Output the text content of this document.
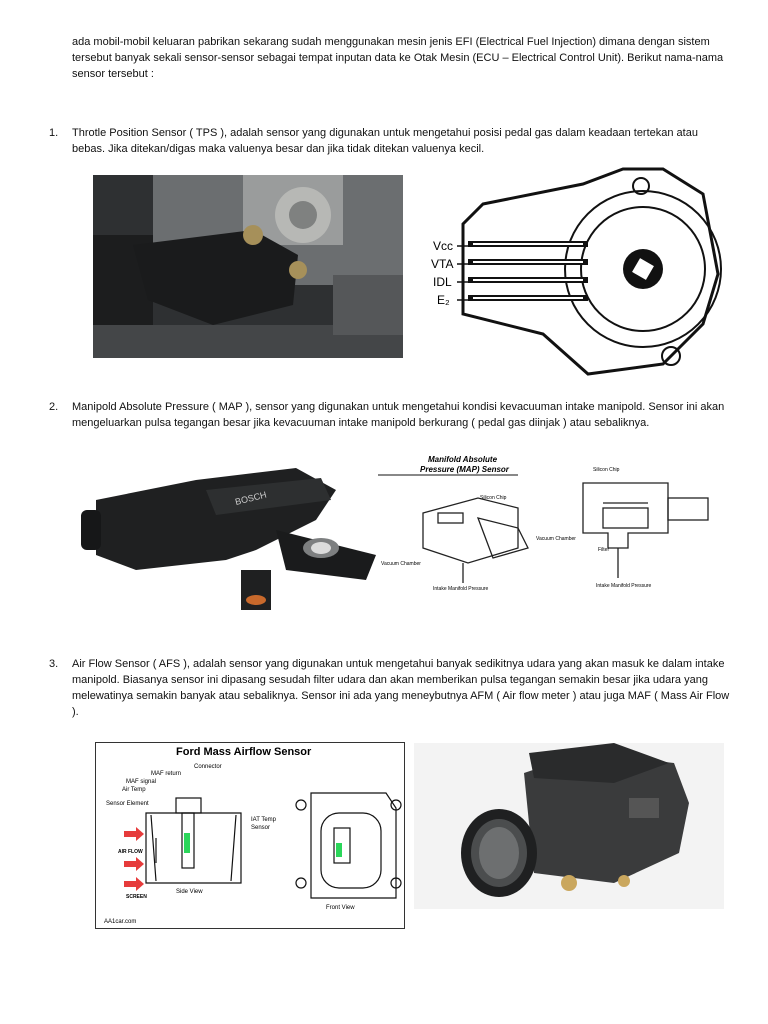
ada mobil-mobil keluaran pabrikan sekarang sudah menggunakan mesin jenis EFI (Electrical Fuel Injection) dimana dengan sistem tersebut banyak sekali sensor-sensor sebagai tempat inputan data ke Otak Mesin (ECU – Electrical Control Unit). Berikut nama-nama sensor tersebut :

1. Throtle Position Sensor ( TPS ), adalah sensor yang digunakan untuk mengetahui posisi pedal gas dalam keadaan tertekan atau bebas. Jika ditekan/digas maka valuenya besar dan jika tidak ditekan valuenya kecil.

Vcc
VTA
IDL
E₂
2. Manipold Absolute Pressure ( MAP ), sensor yang digunakan untuk mengetahui kondisi kevacuuman intake manipold. Sensor ini akan mengeluarkan pulsa tegangan besar jika kevacuuman intake manipold berkurang ( pedal gas diinjak ) atau sebaliknya.

BOSCH
Manifold Absolute
Pressure (MAP) Sensor
Silicon Chip
Vacuum Chamber
Intake Manifold Pressure
Silicon Chip
Vacuum Chamber
Filter
Intake Manifold Pressure
3. Air Flow Sensor ( AFS ), adalah sensor yang digunakan untuk mengetahui banyak sedikitnya udara yang akan masuk ke dalam intake manipold. Biasanya sensor ini dipasang sesudah filter udara dan akan memberikan pulsa tegangan semakin besar jika udara yang melewatinya semakin banyak atau sebaliknya. Sensor ini ada yang meneybutnya AFM ( Air flow meter ) atau juga MAF ( Mass Air Flow ).

Ford Mass Airflow Sensor
Connector
MAF return
MAF signal
Air Temp
Sensor Element
AIR FLOW
SCREEN
Side View
IAT Temp
Sensor
Front View
AA1car.com
